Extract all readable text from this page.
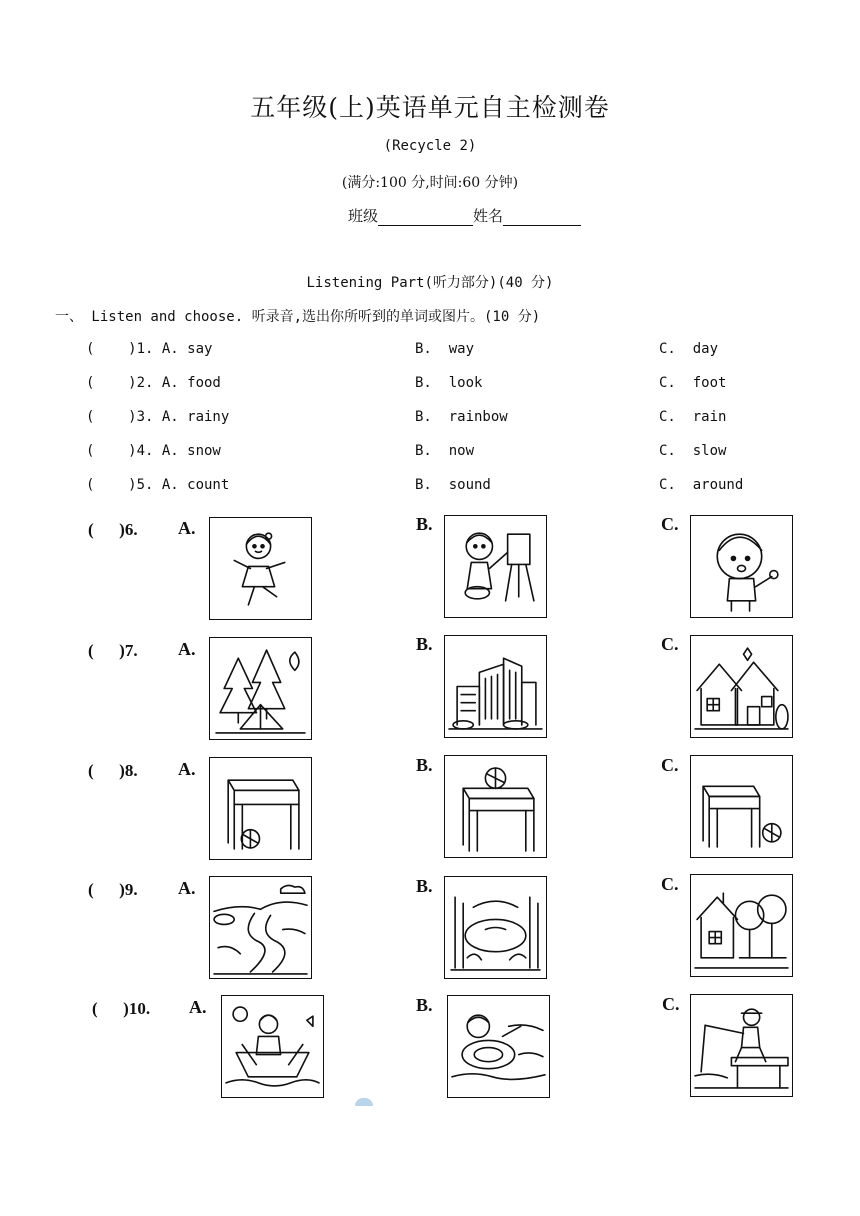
五年级(上)英语单元自主检测卷
(Recycle 2)
(满分:100 分,时间:60 分钟)
班级	姓名
Listening Part(听力部分)(40 分)
一、 Listen and choose. 听录音,选出你所听到的单词或图片。(10 分)
(    )1. A. say	B.  way	C.  day
(    )2. A. food	B.  look	C.  foot
(    )3. A. rainy	B.  rainbow	C.  rain
(    )4. A. snow	B.  now	C.  slow
(    )5. A. count	B.  sound	C.  around
(      )6. A.	B.	C.
(      )7. A.	B.	C.
(      )8. A.	B.	C.
(      )9. A.	B.	C.
(      )10. A.	B.	C.
